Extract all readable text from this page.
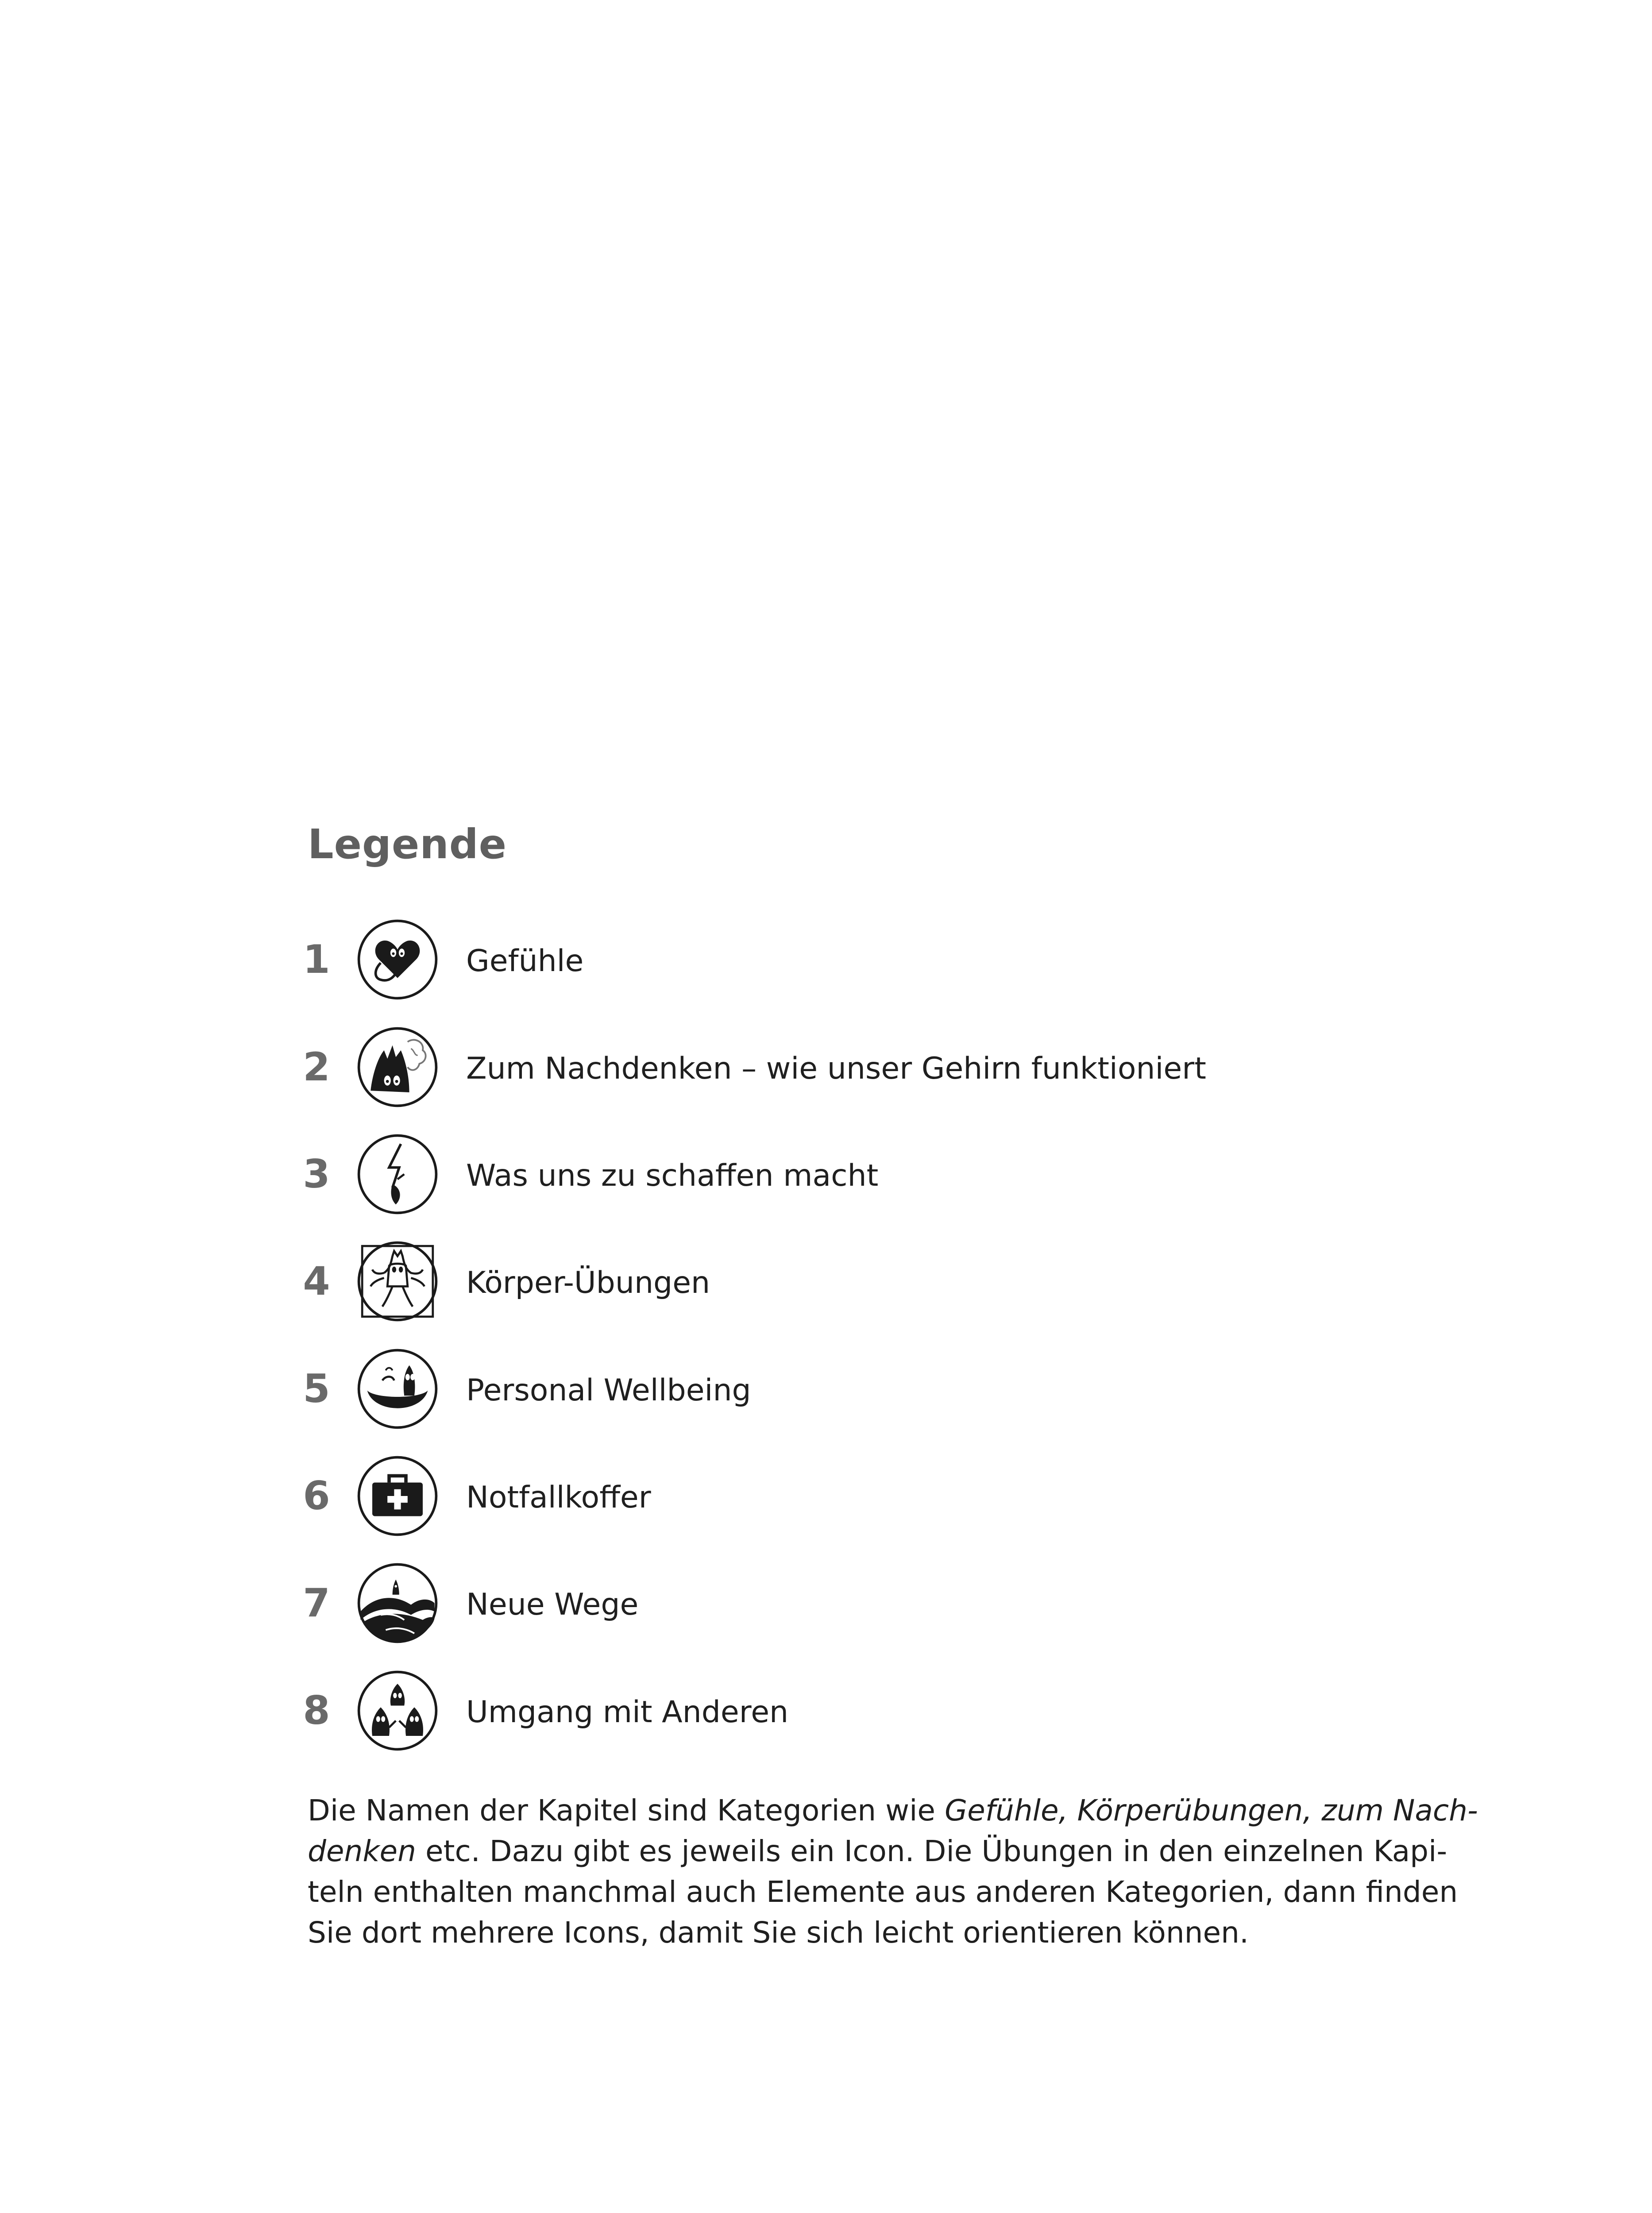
Legende
1	Gefühle
2	Zum Nachdenken – wie unser Gehirn funktioniert
3	Was uns zu schaffen macht
4	Körper-Übungen
5	Personal Wellbeing
6	Notfallkoffer
7	Neue Wege
8	Umgang mit Anderen
Die Namen der Kapitel sind Kategorien wie Gefühle, Körperübungen, zum Nach-
denken etc. Dazu gibt es jeweils ein Icon. Die Übungen in den einzelnen Kapi-
teln enthalten manchmal auch Elemente aus anderen Kategorien, dann finden
Sie dort mehrere Icons, damit Sie sich leicht orientieren können.
